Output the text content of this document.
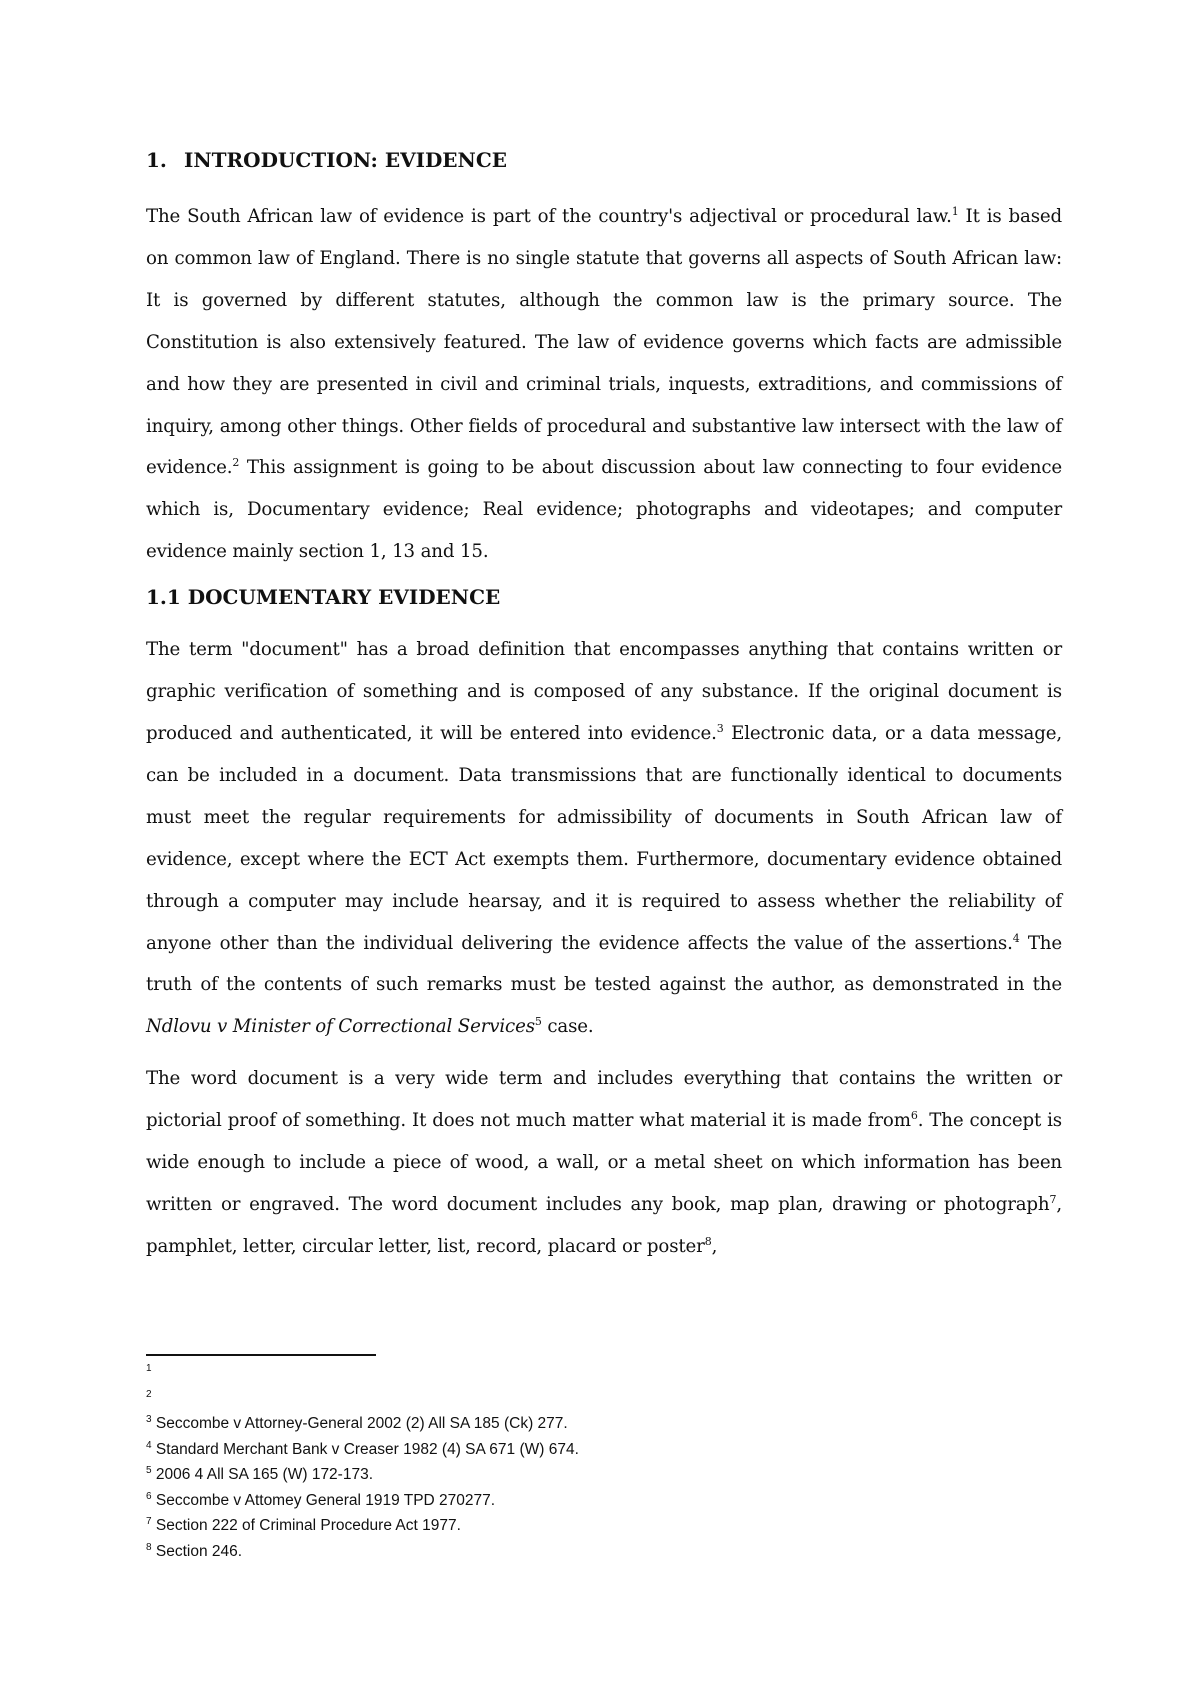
1. INTRODUCTION: EVIDENCE

The South African law of evidence is part of the country's adjectival or procedural law.$^1$ It is based on common law of England. There is no single statute that governs all aspects of South African law: It is governed by different statutes, although the common law is the primary source. The Constitution is also extensively featured. The law of evidence governs which facts are admissible and how they are presented in civil and criminal trials, inquests, extraditions, and commissions of inquiry, among other things. Other fields of procedural and substantive law intersect with the law of evidence.$^2$ This assignment is going to be about discussion about law connecting to four evidence which is, Documentary evidence; Real evidence; photographs and videotapes; and computer evidence mainly section 1, 13 and 15.

1.1 DOCUMENTARY EVIDENCE

The term "document" has a broad definition that encompasses anything that contains written or graphic verification of something and is composed of any substance. If the original document is produced and authenticated, it will be entered into evidence.$^3$ Electronic data, or a data message, can be included in a document. Data transmissions that are functionally identical to documents must meet the regular requirements for admissibility of documents in South African law of evidence, except where the ECT Act exempts them. Furthermore, documentary evidence obtained through a computer may include hearsay, and it is required to assess whether the reliability of anyone other than the individual delivering the evidence affects the value of the assertions.$^4$ The truth of the contents of such remarks must be tested against the author, as demonstrated in the Ndlovu v Minister of Correctional Services$^5$ case.

The word document is a very wide term and includes everything that contains the written or pictorial proof of something. It does not much matter what material it is made from$^6$. The concept is wide enough to include a piece of wood, a wall, or a metal sheet on which information has been written or engraved. The word document includes any book, map plan, drawing or photograph$^7$, pamphlet, letter, circular letter, list, record, placard or poster$^8$,

$^1$

$^2$

$^3$ Seccombe v Attorney-General 2002 (2) All SA 185 (Ck) 277.

$^4$ Standard Merchant Bank v Creaser 1982 (4) SA 671 (W) 674.

$^5$ 2006 4 All SA 165 (W) 172-173.

$^6$ Seccombe v Attomey General 1919 TPD 270277.

$^7$ Section 222 of Criminal Procedure Act 1977.

$^8$ Section 246.
